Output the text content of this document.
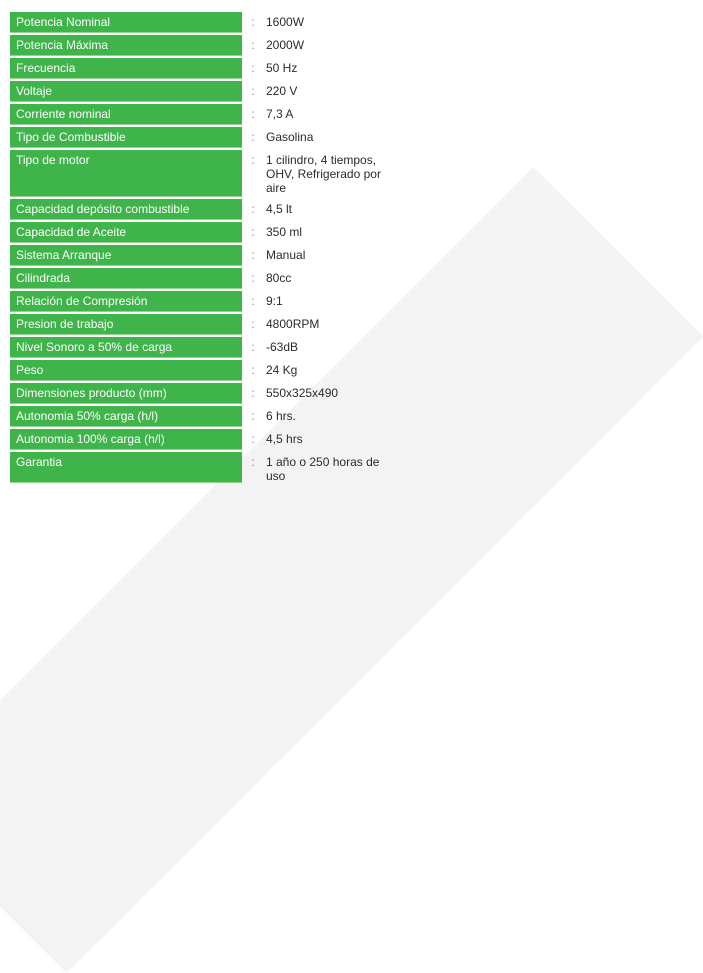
Potencia Nominal	:	1600W
Potencia Máxima	:	2000W
Frecuencia	:	50 Hz
Voltaje	:	220 V
Corriente nominal	:	7,3 A
Tipo de Combustible	:	Gasolina
Tipo de motor	:	1 cilindro, 4 tiempos, OHV, Refrigerado por aire
Capacidad depósito combustible	:	4,5 lt
Capacidad de Aceite	:	350 ml
Sistema Arranque	:	Manual
Cilindrada	:	80cc
Relación de Compresión	:	9:1
Presion de trabajo	:	4800RPM
Nivel Sonoro a 50% de carga	:	-63dB
Peso	:	24 Kg
Dimensiones producto (mm)	:	550x325x490
Autonomia 50% carga (h/l)	:	6 hrs.
Autonomia 100% carga (h/l)	:	4,5 hrs
Garantia	:	1 año o 250 horas de uso
